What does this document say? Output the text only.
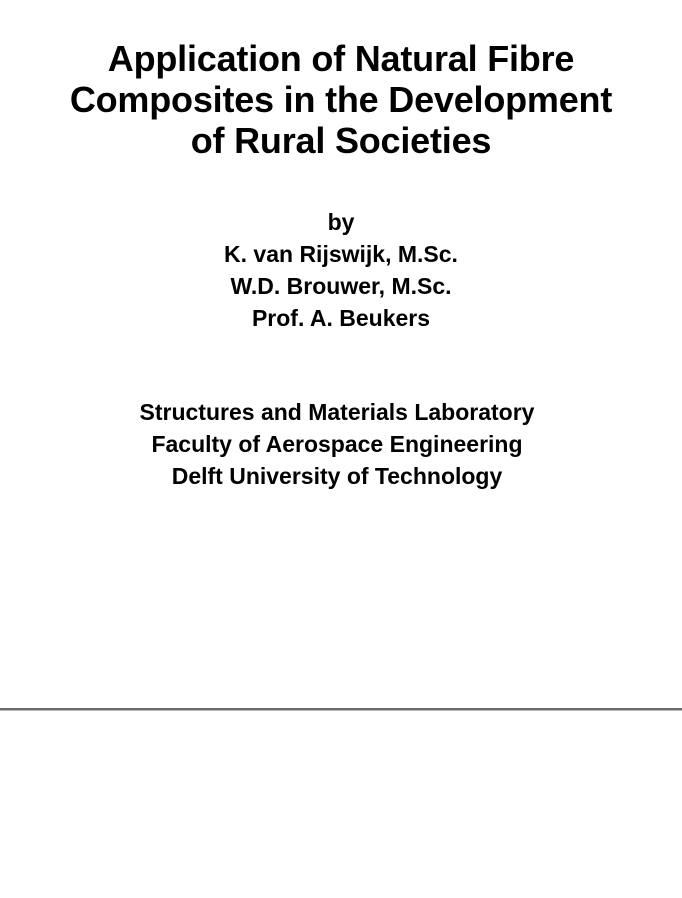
Application of Natural Fibre
Composites in the Development
of Rural Societies
by
K. van Rijswijk, M.Sc.
W.D. Brouwer, M.Sc.
Prof. A. Beukers
Structures and Materials Laboratory
Faculty of Aerospace Engineering
Delft University of Technology
